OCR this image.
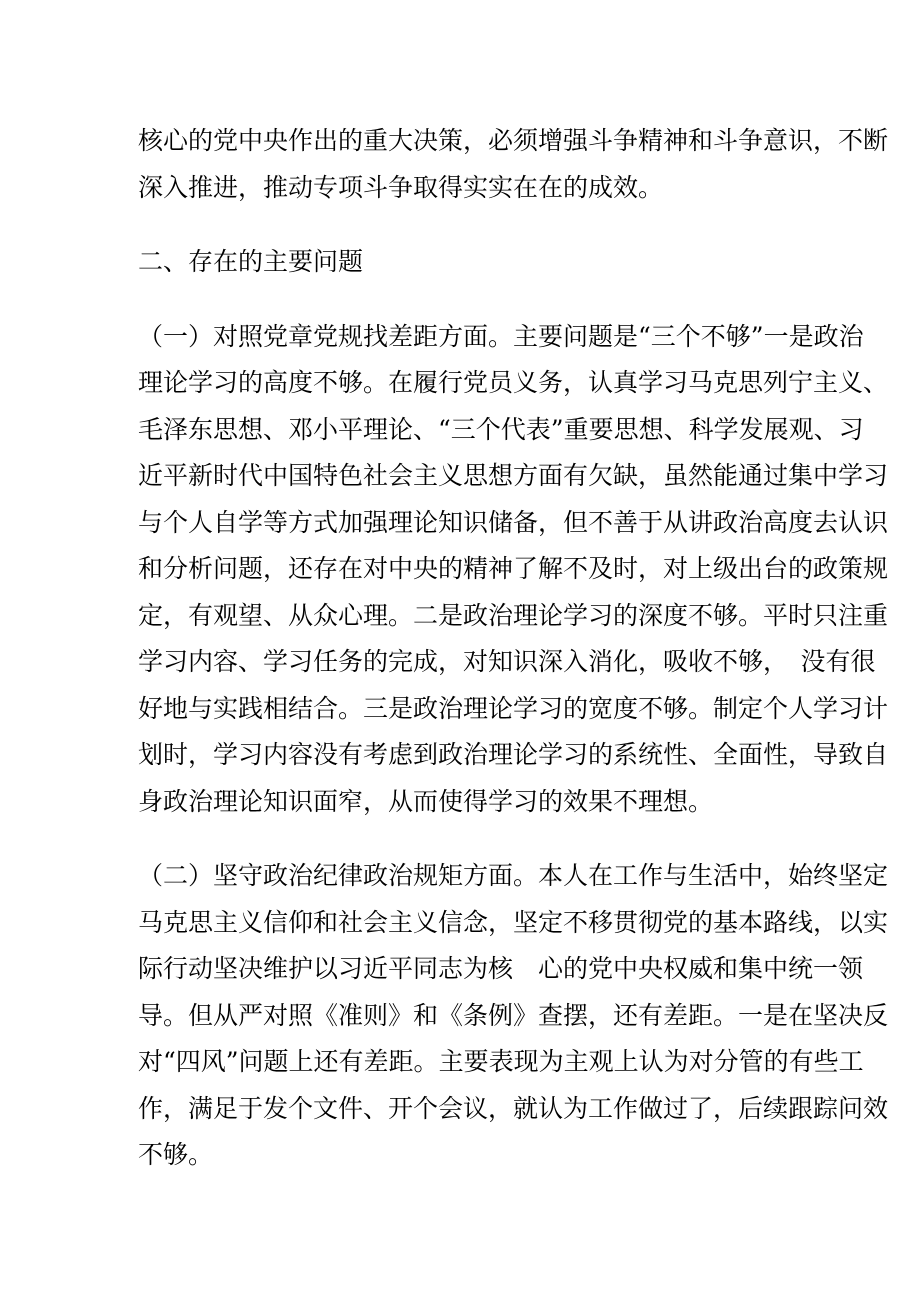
核心的党中央作出的重大决策，必须增强斗争精神和斗争意识，不断
深入推进，推动专项斗争取得实实在在的成效。
二、存在的主要问题
（一）对照党章党规找差距方面。主要问题是“三个不够”一是政治
理论学习的高度不够。在履行党员义务，认真学习马克思列宁主义、
毛泽东思想、邓小平理论、“三个代表”重要思想、科学发展观、习
近平新时代中国特色社会主义思想方面有欠缺，虽然能通过集中学习
与个人自学等方式加强理论知识储备，但不善于从讲政治高度去认识
和分析问题，还存在对中央的精神了解不及时，对上级出台的政策规
定，有观望、从众心理。二是政治理论学习的深度不够。平时只注重
学习内容、学习任务的完成，对知识深入消化，吸收不够，　没有很
好地与实践相结合。三是政治理论学习的宽度不够。制定个人学习计
划时，学习内容没有考虑到政治理论学习的系统性、全面性，导致自
身政治理论知识面窄，从而使得学习的效果不理想。
（二）坚守政治纪律政治规矩方面。本人在工作与生活中，始终坚定
马克思主义信仰和社会主义信念，坚定不移贯彻党的基本路线，以实
际行动坚决维护以习近平同志为核　心的党中央权威和集中统一领
导。但从严对照《准则》和《条例》查摆，还有差距。一是在坚决反
对“四风”问题上还有差距。主要表现为主观上认为对分管的有些工
作，满足于发个文件、开个会议，就认为工作做过了，后续跟踪问效
不够。
